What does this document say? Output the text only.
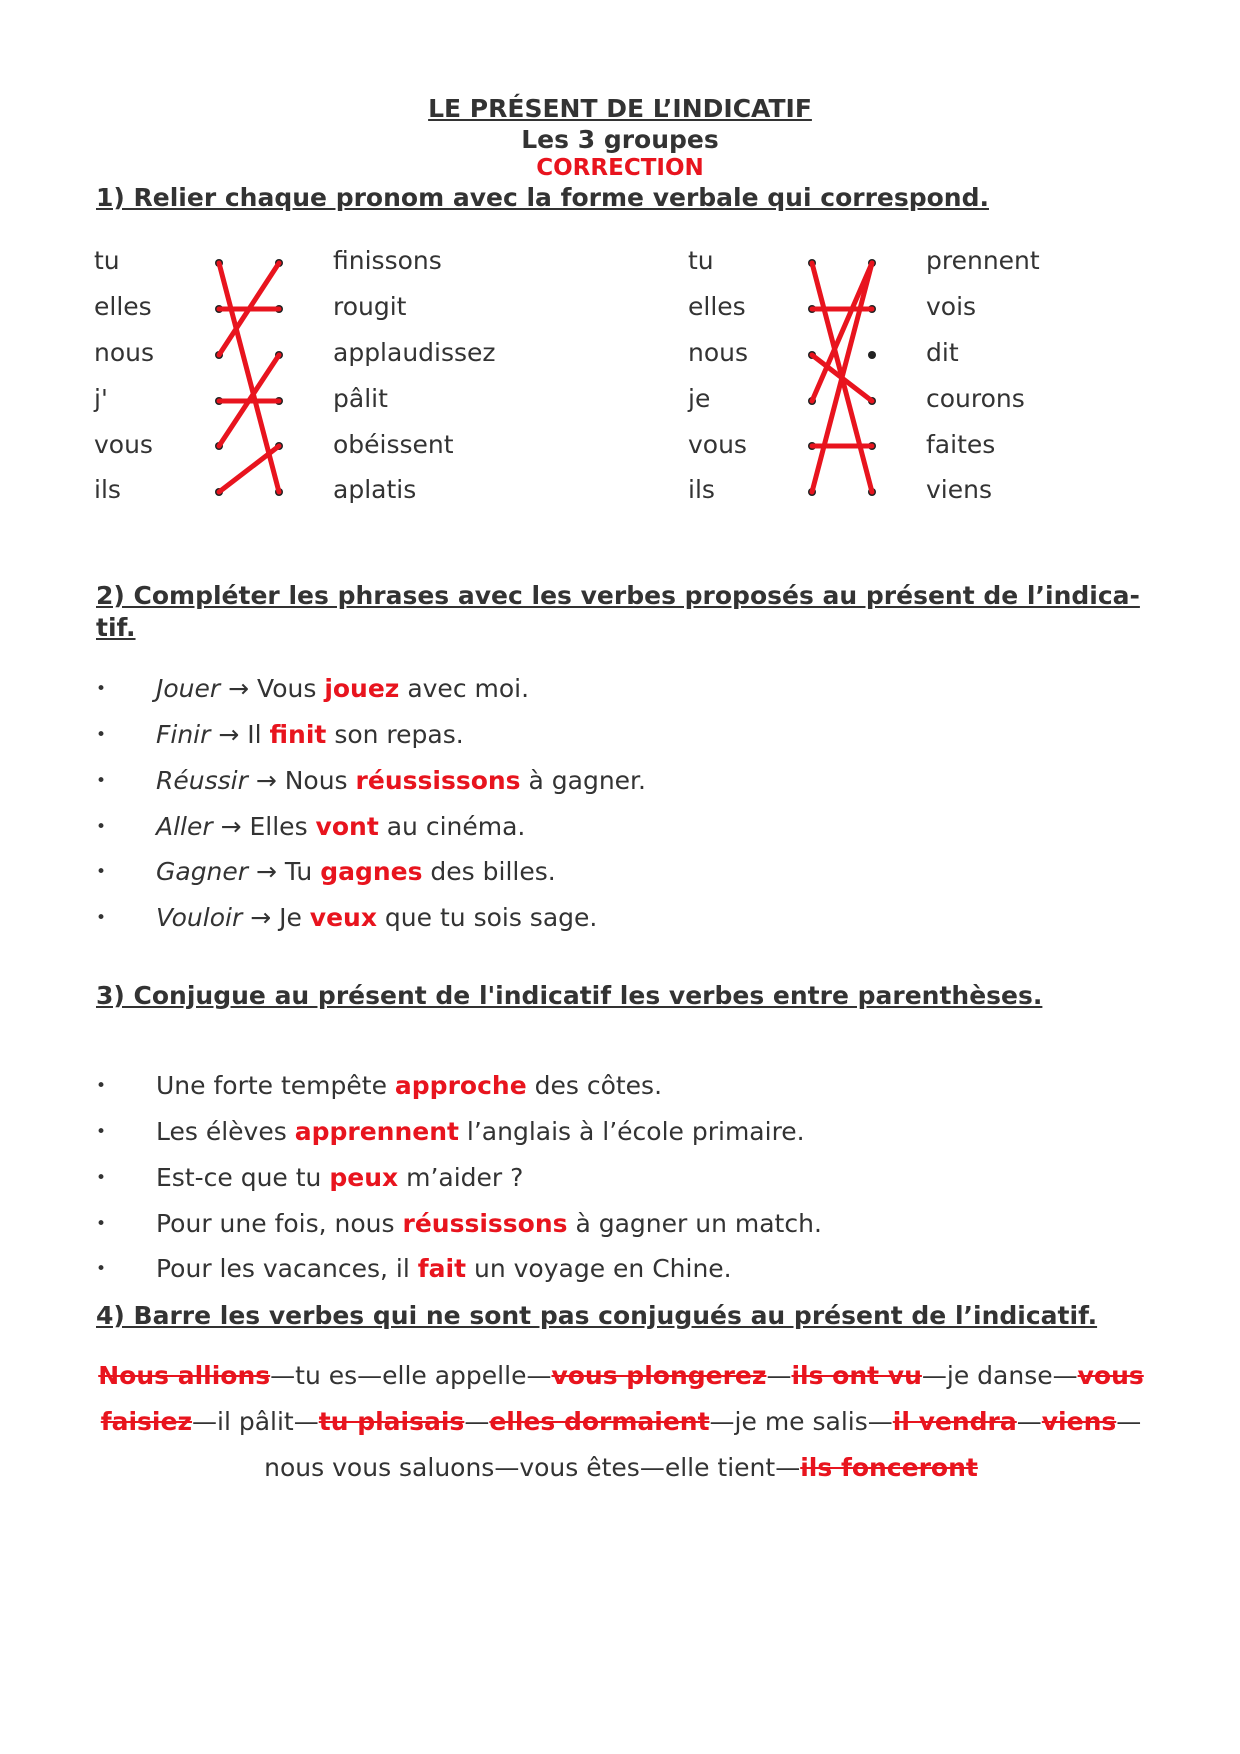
LE PRÉSENT DE L’INDICATIF
Les 3 groupes
CORRECTION

1) Relier chaque pronom avec la forme verbale qui correspond.

tu
elles
nous
j'
vous
ils
finissons
rougit
applaudissez
pâlit
obéissent
aplatis
tu
elles
nous
je
vous
ils
prennent
vois
dit
courons
faites
viens

2) Compléter les phrases avec les verbes proposés au présent de l’indica-tif.

• Jouer → Vous jouez avec moi.
• Finir → Il finit son repas.
• Réussir → Nous réussissons à gagner.
• Aller → Elles vont au cinéma.
• Gagner → Tu gagnes des billes.
• Vouloir → Je veux que tu sois sage.

3) Conjugue au présent de l'indicatif les verbes entre parenthèses.

• Une forte tempête approche des côtes.
• Les élèves apprennent l’anglais à l’école primaire.
• Est-ce que tu peux m’aider ?
• Pour une fois, nous réussissons à gagner un match.
• Pour les vacances, il fait un voyage en Chine.

4) Barre les verbes qui ne sont pas conjugués au présent de l’indicatif.

Nous allions—tu es—elle appelle—vous plongerez—ils ont vu—je danse—vous faisiez—il pâlit—tu plaisais—elles dormaient—je me salis—il vendra—viens—
nous vous saluons—vous êtes—elle tient—ils fonceront
